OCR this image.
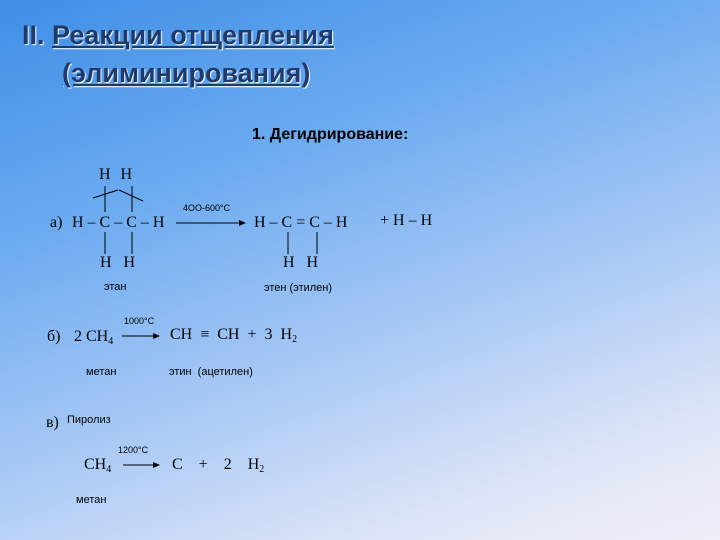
II. Реакции отщепления
(элиминирования)
1. Дегидрирование:
Н Н
а) Н – С – С – Н
4ОО-600°С
Н – С = С – Н + Н – Н
Н Н	Н Н
этан	этен (этилен)
1000°С
б) 2 $СН_4$	СН ≡ СН + 3 $Н_2$
метан	этин (ацетилен)
в) Пиролиз
1200°С
$СН_4$	С + 2 $Н_2$
метан
